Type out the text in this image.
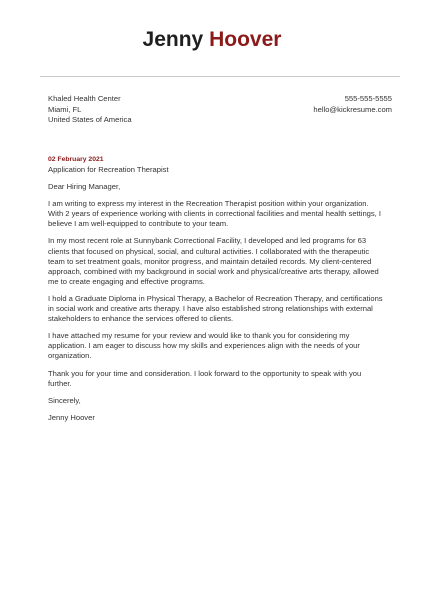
Jenny Hoover
Khaled Health Center
Miami, FL
United States of America
555-555-5555
hello@kickresume.com
02 February 2021
Application for Recreation Therapist

Dear Hiring Manager,

I am writing to express my interest in the Recreation Therapist position within your organization. With 2 years of experience working with clients in correctional facilities and mental health settings, I believe I am well-equipped to contribute to your team.

In my most recent role at Sunnybank Correctional Facility, I developed and led programs for 63 clients that focused on physical, social, and cultural activities. I collaborated with the therapeutic team to set treatment goals, monitor progress, and maintain detailed records. My client-centered approach, combined with my background in social work and physical/creative arts therapy, allowed me to create engaging and effective programs.

I hold a Graduate Diploma in Physical Therapy, a Bachelor of Recreation Therapy, and certifications in social work and creative arts therapy. I have also established strong relationships with external stakeholders to enhance the services offered to clients.

I have attached my resume for your review and would like to thank you for considering my application. I am eager to discuss how my skills and experiences align with the needs of your organization.

Thank you for your time and consideration. I look forward to the opportunity to speak with you further.

Sincerely,

Jenny Hoover
